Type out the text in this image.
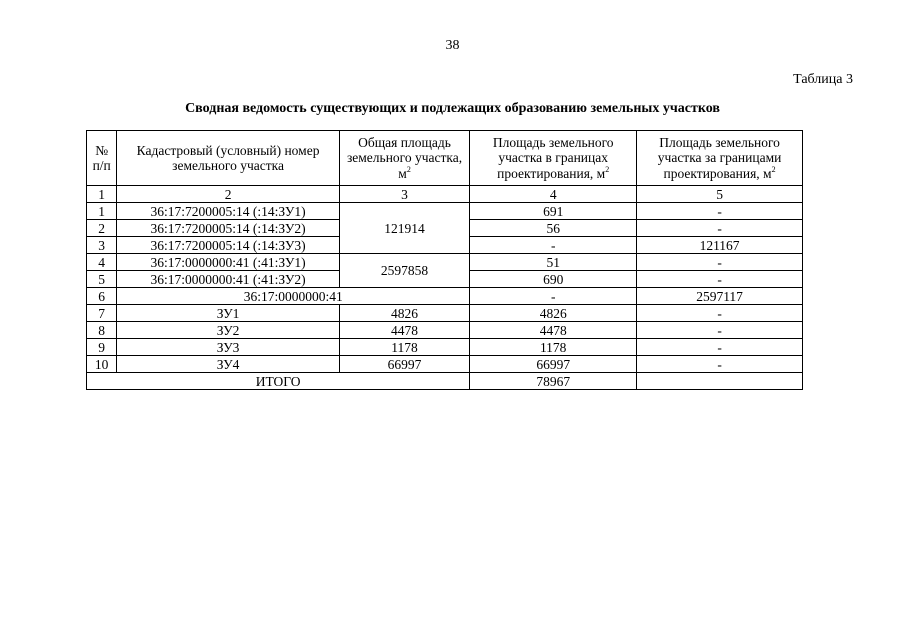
38
Таблица 3
Сводная ведомость существующих и подлежащих образованию земельных участков
№ п/п	Кадастровый (условный) номер земельного участка	Общая площадь земельного участка, $м^2$	Площадь земельного участка в границах проектирования, $м^2$	Площадь земельного участка за границами проектирования, $м^2$
1	2	3	4	5
1	36:17:7200005:14 (:14:ЗУ1)	121914	691	-
2	36:17:7200005:14 (:14:ЗУ2)		56	-
3	36:17:7200005:14 (:14:ЗУ3)		-	121167
4	36:17:0000000:41 (:41:ЗУ1)	2597858	51	-
5	36:17:0000000:41 (:41:ЗУ2)		690	-
6	36:17:0000000:41		-	2597117
7	ЗУ1	4826	4826	-
8	ЗУ2	4478	4478	-
9	ЗУ3	1178	1178	-
10	ЗУ4	66997	66997	-
ИТОГО			78967	
